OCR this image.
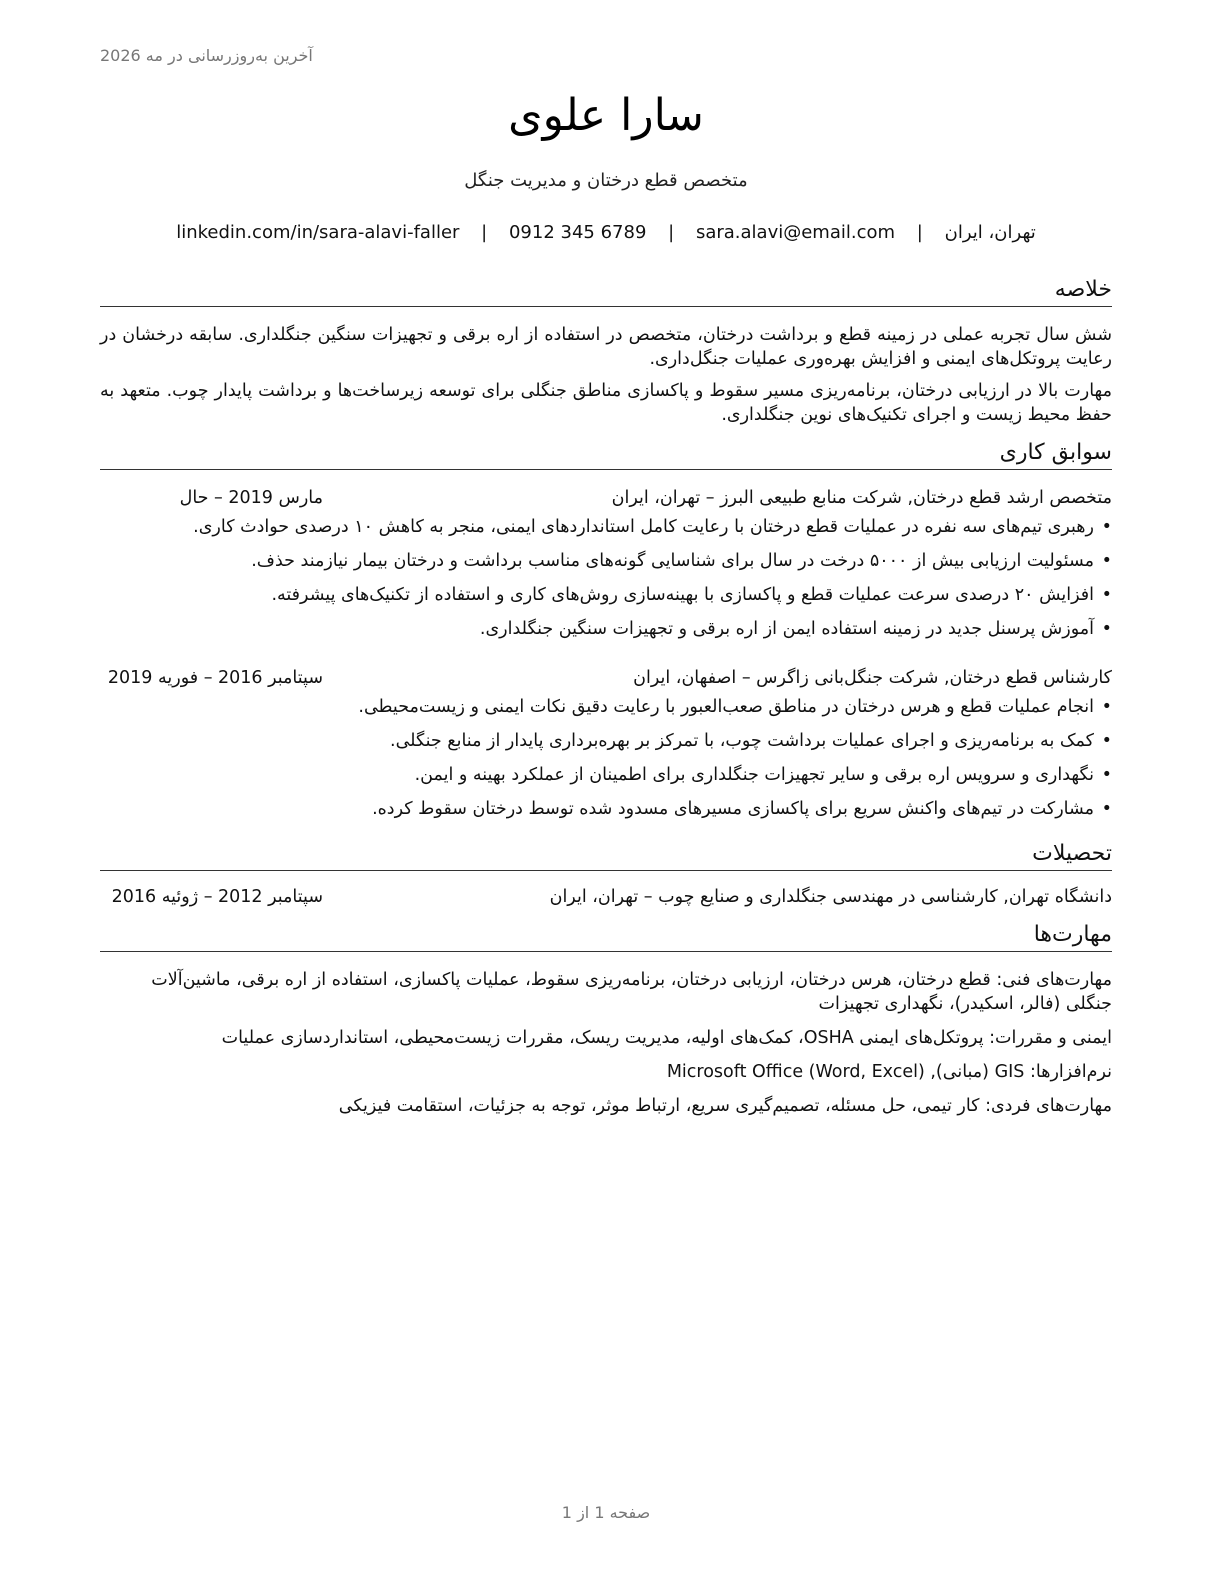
آخرین به‌روزرسانی در مه 2026
سارا علوی
متخصص قطع درختان و مدیریت جنگل
تهران، ایران | sara.alavi@email.com | 0912 345 6789 | linkedin.com/in/sara-alavi-faller
خلاصه

شش سال تجربه عملی در زمینه قطع و برداشت درختان، متخصص در استفاده از اره برقی و تجهیزات سنگین جنگلداری. سابقه درخشان در رعایت پروتکل‌های ایمنی و افزایش بهره‌وری عملیات جنگل‌داری.

مهارت بالا در ارزیابی درختان، برنامه‌ریزی مسیر سقوط و پاکسازی مناطق جنگلی برای توسعه زیرساخت‌ها و برداشت پایدار چوب. متعهد به حفظ محیط زیست و اجرای تکنیک‌های نوین جنگلداری.

سوابق کاری
متخصص ارشد قطع درختان, شرکت منابع طبیعی البرز – تهران، ایران
مارس 2019 – حال
•
رهبری تیم‌های سه نفره در عملیات قطع درختان با رعایت کامل استانداردهای ایمنی، منجر به کاهش ۱۰ درصدی حوادث کاری.
•
مسئولیت ارزیابی بیش از ۵۰۰۰ درخت در سال برای شناسایی گونه‌های مناسب برداشت و درختان بیمار نیازمند حذف.
•
افزایش ۲۰ درصدی سرعت عملیات قطع و پاکسازی با بهینه‌سازی روش‌های کاری و استفاده از تکنیک‌های پیشرفته.
•
آموزش پرسنل جدید در زمینه استفاده ایمن از اره برقی و تجهیزات سنگین جنگلداری.
کارشناس قطع درختان, شرکت جنگل‌بانی زاگرس – اصفهان، ایران
سپتامبر 2016 – فوریه 2019
•
انجام عملیات قطع و هرس درختان در مناطق صعب‌العبور با رعایت دقیق نکات ایمنی و زیست‌محیطی.
•
کمک به برنامه‌ریزی و اجرای عملیات برداشت چوب، با تمرکز بر بهره‌برداری پایدار از منابع جنگلی.
•
نگهداری و سرویس اره برقی و سایر تجهیزات جنگلداری برای اطمینان از عملکرد بهینه و ایمن.
•
مشارکت در تیم‌های واکنش سریع برای پاکسازی مسیرهای مسدود شده توسط درختان سقوط کرده.
تحصیلات
دانشگاه تهران, کارشناسی در مهندسی جنگلداری و صنایع چوب – تهران، ایران
سپتامبر 2012 – ژوئیه 2016
مهارت‌ها

مهارت‌های فنی: قطع درختان، هرس درختان، ارزیابی درختان، برنامه‌ریزی سقوط، عملیات پاکسازی، استفاده از اره برقی، ماشین‌آلات جنگلی (فالر، اسکیدر)، نگهداری تجهیزات

ایمنی و مقررات: پروتکل‌های ایمنی OSHA، کمک‌های اولیه، مدیریت ریسک، مقررات زیست‌محیطی، استانداردسازی عملیات

نرم‌افزارها: GIS (مبانی), Microsoft Office (Word, Excel)

مهارت‌های فردی: کار تیمی، حل مسئله، تصمیم‌گیری سریع، ارتباط موثر، توجه به جزئیات، استقامت فیزیکی

صفحه 1 از 1
